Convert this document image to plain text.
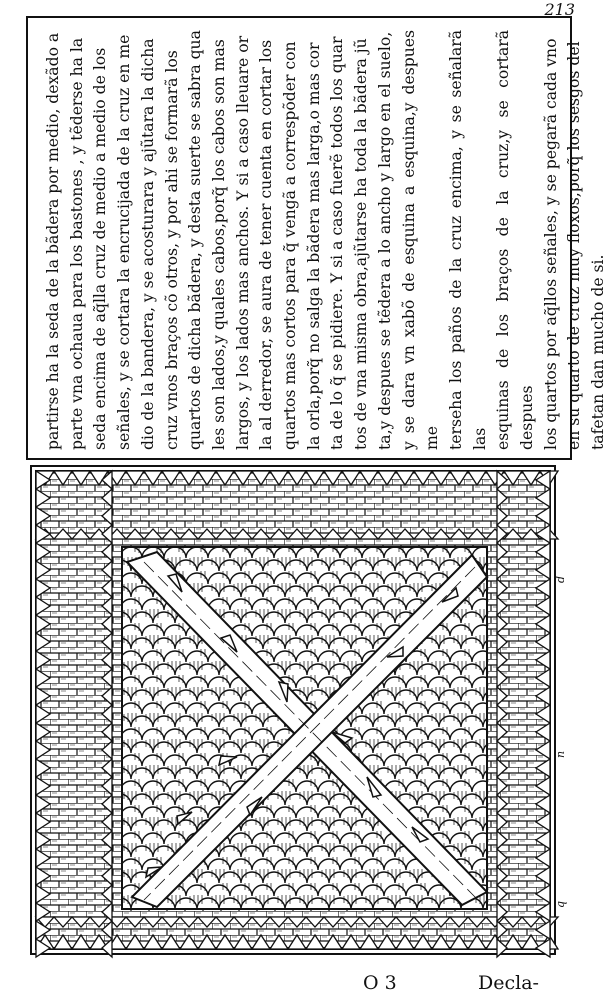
213

partirse ha la seda de la bãdera por medio, dexãdo a parte vna ochaua para los bastones , y tẽderse ha la seda encima de aq̃lla cruz de medio a medio de los señales, y se cortara la encrucijada de la cruz en me dio de la bandera, y se acosturara y ajũtara la dicha cruz vnos braços cõ otros, y por ahi se formarã los quartos de dicha bãdera, y desta suerte se sabra qua les son lados,y quales cabos,porq̃ los cabos son mas largos, y los lados mas anchos. Y si a caso lleuare or la al derredor, se aura de tener cuenta en cortar los quartos mas cortos para q̃ vengã a correspõder con la orla,porq̃ no salga la bãdera mas larga,o mas cor ta de lo q̃ se pidiere. Y si a caso fuerẽ todos los quar tos de vna misma obra,ajũtarse ha toda la bãdera jũ ta,y despues se tẽdera a lo ancho y largo en el suelo, y se dara vn xabõ de esquina a esquina,y despues me terseha los paños de la cruz encima, y se señalarã las esquinas de los braços de la cruz,y se cortarã despues los quartos por aq̃llos señales, y se pegarã cada vno en su quarto de cruz muy floxos,porq̃ los sesgos del tafetan dan mucho de si.

d
n
q
O 3	Decla-
